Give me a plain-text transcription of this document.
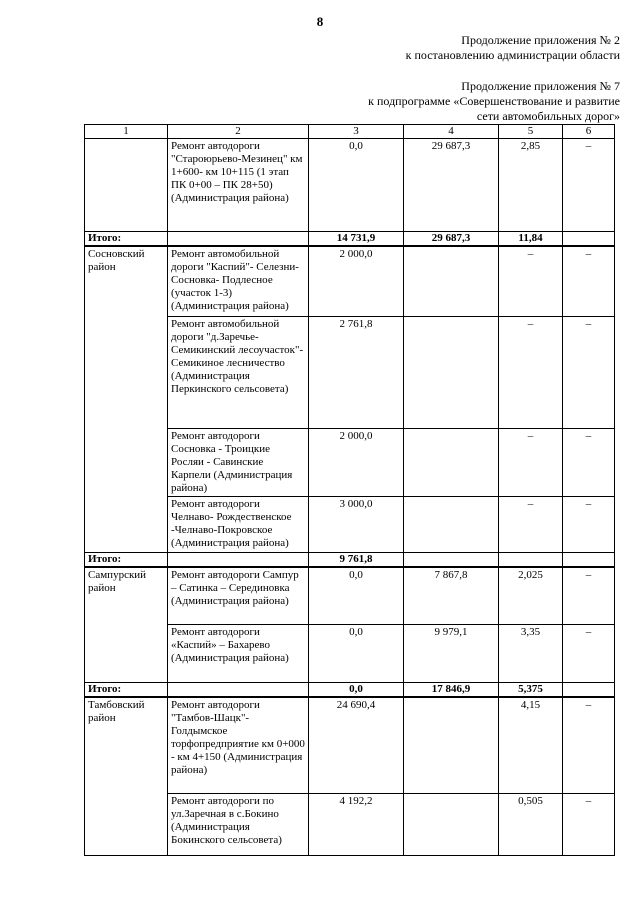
8
Продолжение приложения № 2
к постановлению администрации области
Продолжение приложения № 7
к подпрограмме «Совершенствование и развитие
сети автомобильных дорог»
1	2	3	4	5	6
	Ремонт автодороги "Староюрьево-Мезинец" км 1+600- км 10+115 (1 этап ПК 0+00 – ПК 28+50) (Администрация района)	0,0	29 687,3	2,85	–
Итого:		14 731,9	29 687,3	11,84	
Сосновский район	Ремонт автомобильной дороги "Каспий"- Селезни-Сосновка- Подлесное (участок 1-3) (Администрация района)	2 000,0		–	–
	Ремонт автомобильной дороги "д.Заречье- Семикинский лесоучасток"- Семикиное лесничество (Администрация Перкинского сельсовета)	2 761,8		–	–
	Ремонт автодороги Сосновка - Троицкие Росляи - Савинские Карпели (Администрация района)	2 000,0		–	–
	Ремонт автодороги Челнаво- Рождественское -Челнаво-Покровское (Администрация района)	3 000,0		–	–
Итого:		9 761,8			
Сампурский район	Ремонт автодороги Сампур – Сатинка – Серединовка (Администрация района)	0,0	7 867,8	2,025	–
	Ремонт автодороги «Каспий» – Бахарево (Администрация района)	0,0	9 979,1	3,35	–
Итого:		0,0	17 846,9	5,375	
Тамбовский район	Ремонт автодороги "Тамбов-Шацк"- Голдымское торфопредприятие км 0+000 - км 4+150 (Администрация района)	24 690,4		4,15	–
	Ремонт автодороги по ул.Заречная в с.Бокино (Администрация Бокинского сельсовета)	4 192,2		0,505	–
